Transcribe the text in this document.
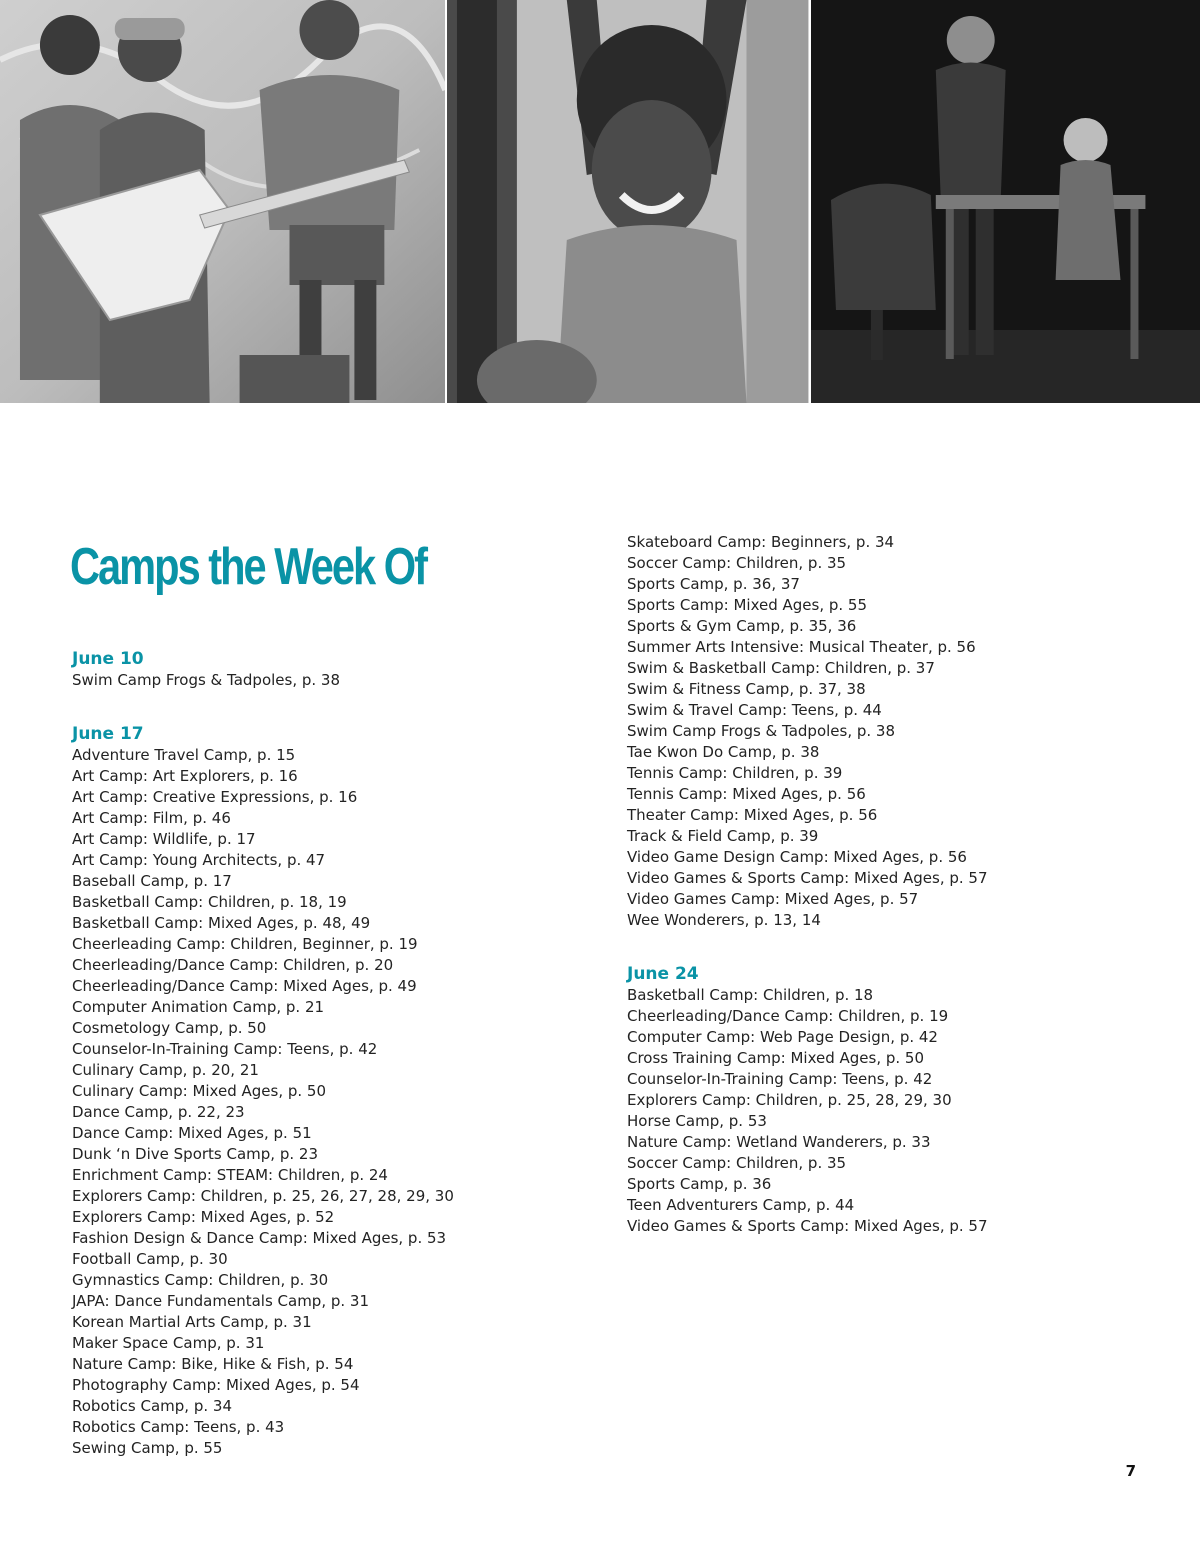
Camps the Week Of
June 10
Swim Camp Frogs & Tadpoles, p. 38
June 17
Adventure Travel Camp, p. 15
Art Camp: Art Explorers, p. 16
Art Camp: Creative Expressions, p. 16
Art Camp: Film, p. 46
Art Camp: Wildlife, p. 17
Art Camp: Young Architects, p. 47
Baseball Camp, p. 17
Basketball Camp: Children, p. 18, 19
Basketball Camp: Mixed Ages, p. 48, 49
Cheerleading Camp: Children, Beginner, p. 19
Cheerleading/Dance Camp: Children, p. 20
Cheerleading/Dance Camp: Mixed Ages, p. 49
Computer Animation Camp, p. 21
Cosmetology Camp, p. 50
Counselor-In-Training Camp: Teens, p. 42
Culinary Camp, p. 20, 21
Culinary Camp: Mixed Ages, p. 50
Dance Camp, p. 22, 23
Dance Camp: Mixed Ages, p. 51
Dunk ‘n Dive Sports Camp, p. 23
Enrichment Camp: STEAM: Children, p. 24
Explorers Camp: Children, p. 25, 26, 27, 28, 29, 30
Explorers Camp: Mixed Ages, p. 52
Fashion Design & Dance Camp: Mixed Ages, p. 53
Football Camp, p. 30
Gymnastics Camp: Children, p. 30
JAPA: Dance Fundamentals Camp, p. 31
Korean Martial Arts Camp, p. 31
Maker Space Camp, p. 31
Nature Camp: Bike, Hike & Fish, p. 54
Photography Camp: Mixed Ages, p. 54
Robotics Camp, p. 34
Robotics Camp: Teens, p. 43
Sewing Camp, p. 55
Skateboard Camp: Beginners, p. 34
Soccer Camp: Children, p. 35
Sports Camp, p. 36, 37
Sports Camp: Mixed Ages, p. 55
Sports & Gym Camp, p. 35, 36
Summer Arts Intensive: Musical Theater, p. 56
Swim & Basketball Camp: Children, p. 37
Swim & Fitness Camp, p. 37, 38
Swim & Travel Camp: Teens, p. 44
Swim Camp Frogs & Tadpoles, p. 38
Tae Kwon Do Camp, p. 38
Tennis Camp: Children, p. 39
Tennis Camp: Mixed Ages, p. 56
Theater Camp: Mixed Ages, p. 56
Track & Field Camp, p. 39
Video Game Design Camp: Mixed Ages, p. 56
Video Games & Sports Camp: Mixed Ages, p. 57
Video Games Camp: Mixed Ages, p. 57
Wee Wonderers, p. 13, 14
June 24
Basketball Camp: Children, p. 18
Cheerleading/Dance Camp: Children, p. 19
Computer Camp: Web Page Design, p. 42
Cross Training Camp: Mixed Ages, p. 50
Counselor-In-Training Camp: Teens, p. 42
Explorers Camp: Children, p. 25, 28, 29, 30
Horse Camp, p. 53
Nature Camp: Wetland Wanderers, p. 33
Soccer Camp: Children, p. 35
Sports Camp, p. 36
Teen Adventurers Camp, p. 44
Video Games & Sports Camp: Mixed Ages, p. 57
7
